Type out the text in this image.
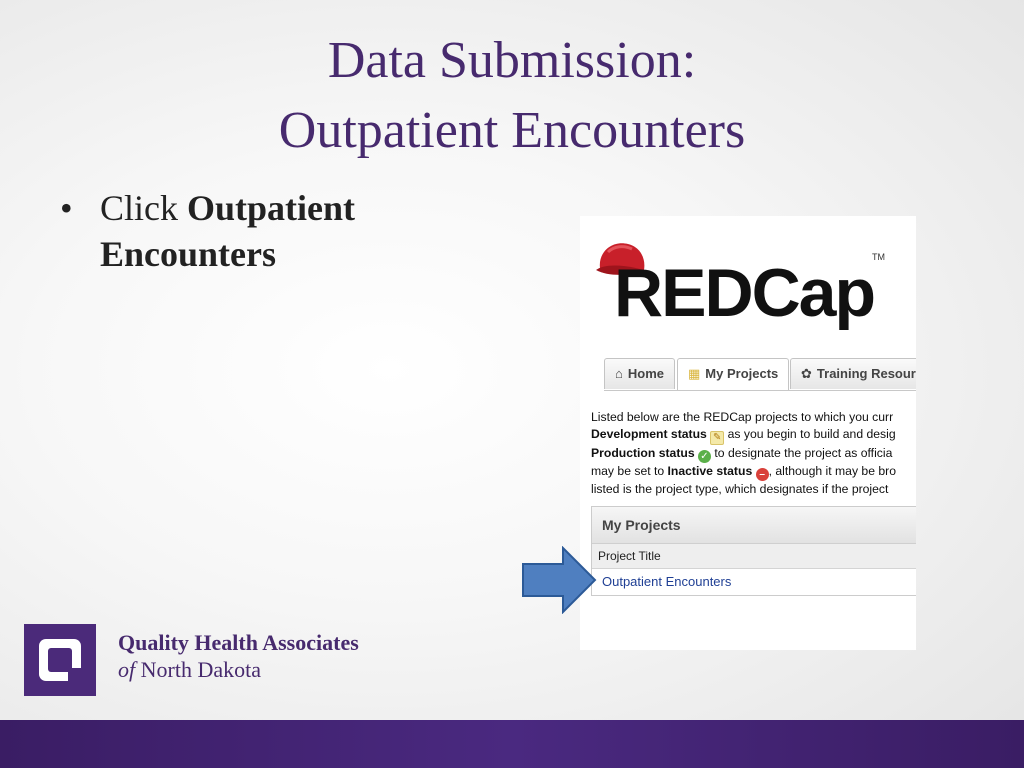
Data Submission:
Outpatient Encounters
• Click Outpatient
Encounters
REDCap
TM
⌂ Home	▦ My Projects	✿ Training Resour
Listed below are the REDCap projects to which you curr
Development status ✎ as you begin to build and desig
Production status ✓ to designate the project as officia
may be set to Inactive status – , although it may be bro
listed is the project type, which designates if the project
My Projects
Project Title
Outpatient Encounters
Quality Health Associates
of North Dakota
